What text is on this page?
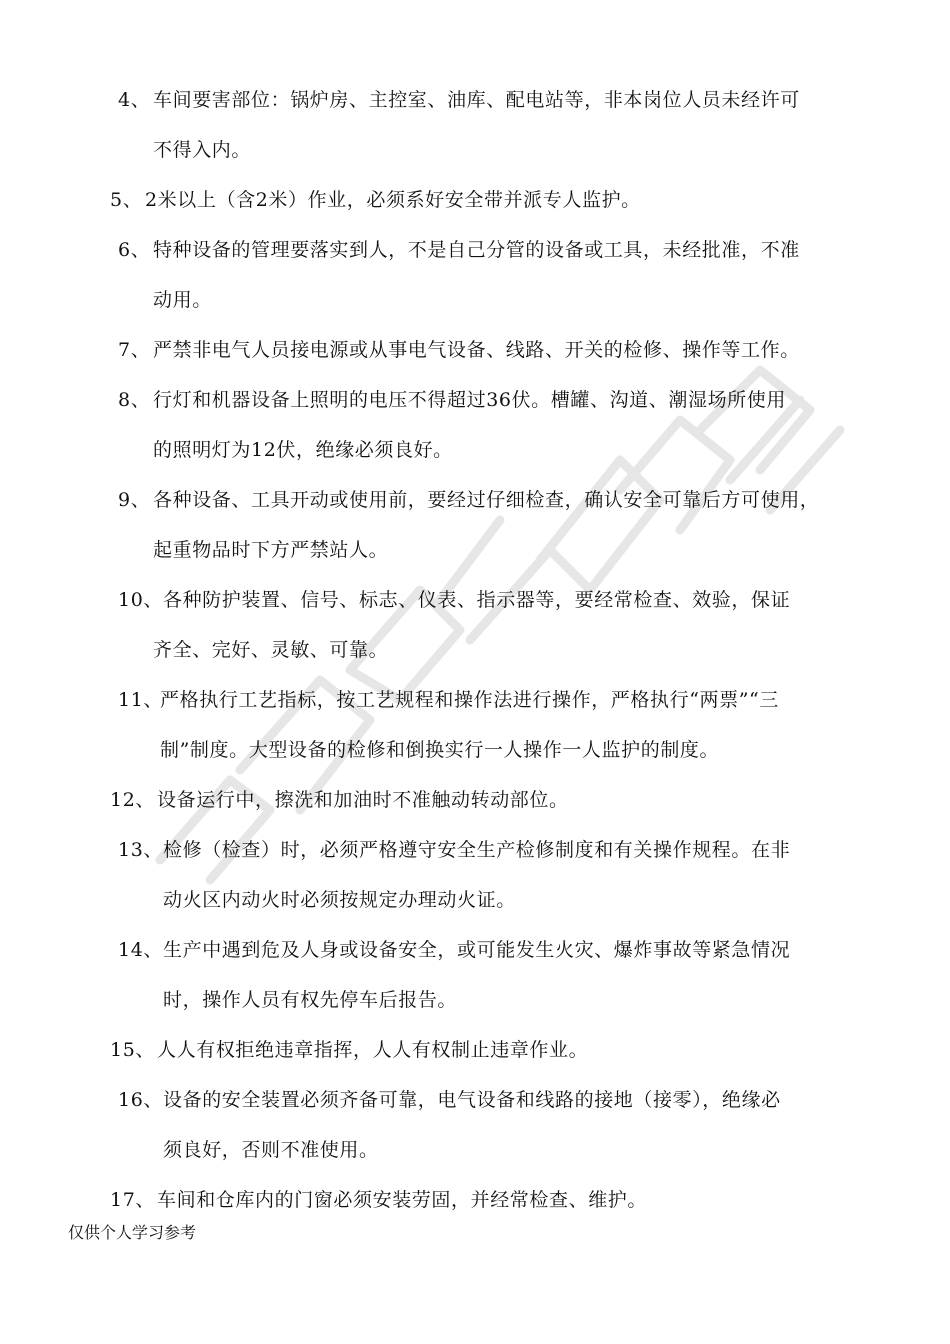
4、 车间要害部位：锅炉房、主控室、油库、配电站等，非本岗位人员未经许可
不得入内。
5、 2米以上（含2米）作业，必须系好安全带并派专人监护。
6、 特种设备的管理要落实到人，不是自己分管的设备或工具，未经批准，不准
动用。
7、 严禁非电气人员接电源或从事电气设备、线路、开关的检修、操作等工作。
8、 行灯和机器设备上照明的电压不得超过36伏。槽罐、沟道、潮湿场所使用
的照明灯为12伏，绝缘必须良好。
9、 各种设备、工具开动或使用前，要经过仔细检查，确认安全可靠后方可使用，
起重物品时下方严禁站人。
10、 各种防护装置、信号、标志、仪表、指示器等，要经常检查、效验，保证
齐全、完好、灵敏、可靠。
11、
严格执行工艺指标，按工艺规程和操作法进行操作，严格执行“两票”“三
制”制度。大型设备的检修和倒换实行一人操作一人监护的制度。
12、 设备运行中，擦洗和加油时不准触动转动部位。
13、 检修（检查）时，必须严格遵守安全生产检修制度和有关操作规程。在非
动火区内动火时必须按规定办理动火证。
14、 生产中遇到危及人身或设备安全，或可能发生火灾、爆炸事故等紧急情况
时，操作人员有权先停车后报告。
15、 人人有权拒绝违章指挥，人人有权制止违章作业。
16、 设备的安全装置必须齐备可靠，电气设备和线路的接地（接零），绝缘必
须良好，否则不准使用。
17、 车间和仓库内的门窗必须安装劳固，并经常检查、维护。
仅供个人学习参考
